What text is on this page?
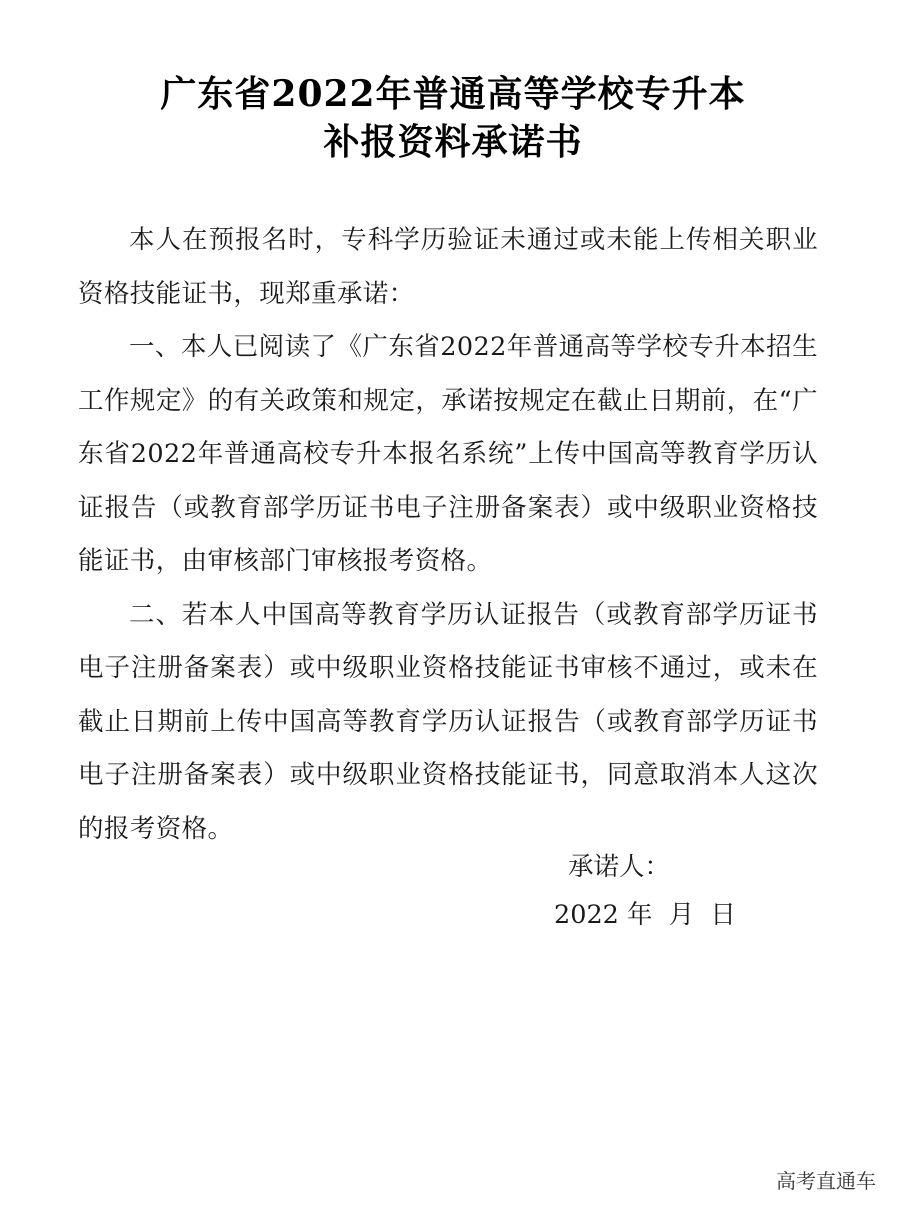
广东省2022年普通高等学校专升本
补报资料承诺书

本人在预报名时，专科学历验证未通过或未能上传相关职业资格技能证书，现郑重承诺：

一、本人已阅读了《广东省2022年普通高等学校专升本招生工作规定》的有关政策和规定，承诺按规定在截止日期前，在“广东省2022年普通高校专升本报名系统”上传中国高等教育学历认证报告（或教育部学历证书电子注册备案表）或中级职业资格技能证书，由审核部门审核报考资格。

二、若本人中国高等教育学历认证报告（或教育部学历证书电子注册备案表）或中级职业资格技能证书审核不通过，或未在截止日期前上传中国高等教育学历认证报告（或教育部学历证书电子注册备案表）或中级职业资格技能证书，同意取消本人这次的报考资格。

承诺人：
2022 年  月  日
高考直通车
